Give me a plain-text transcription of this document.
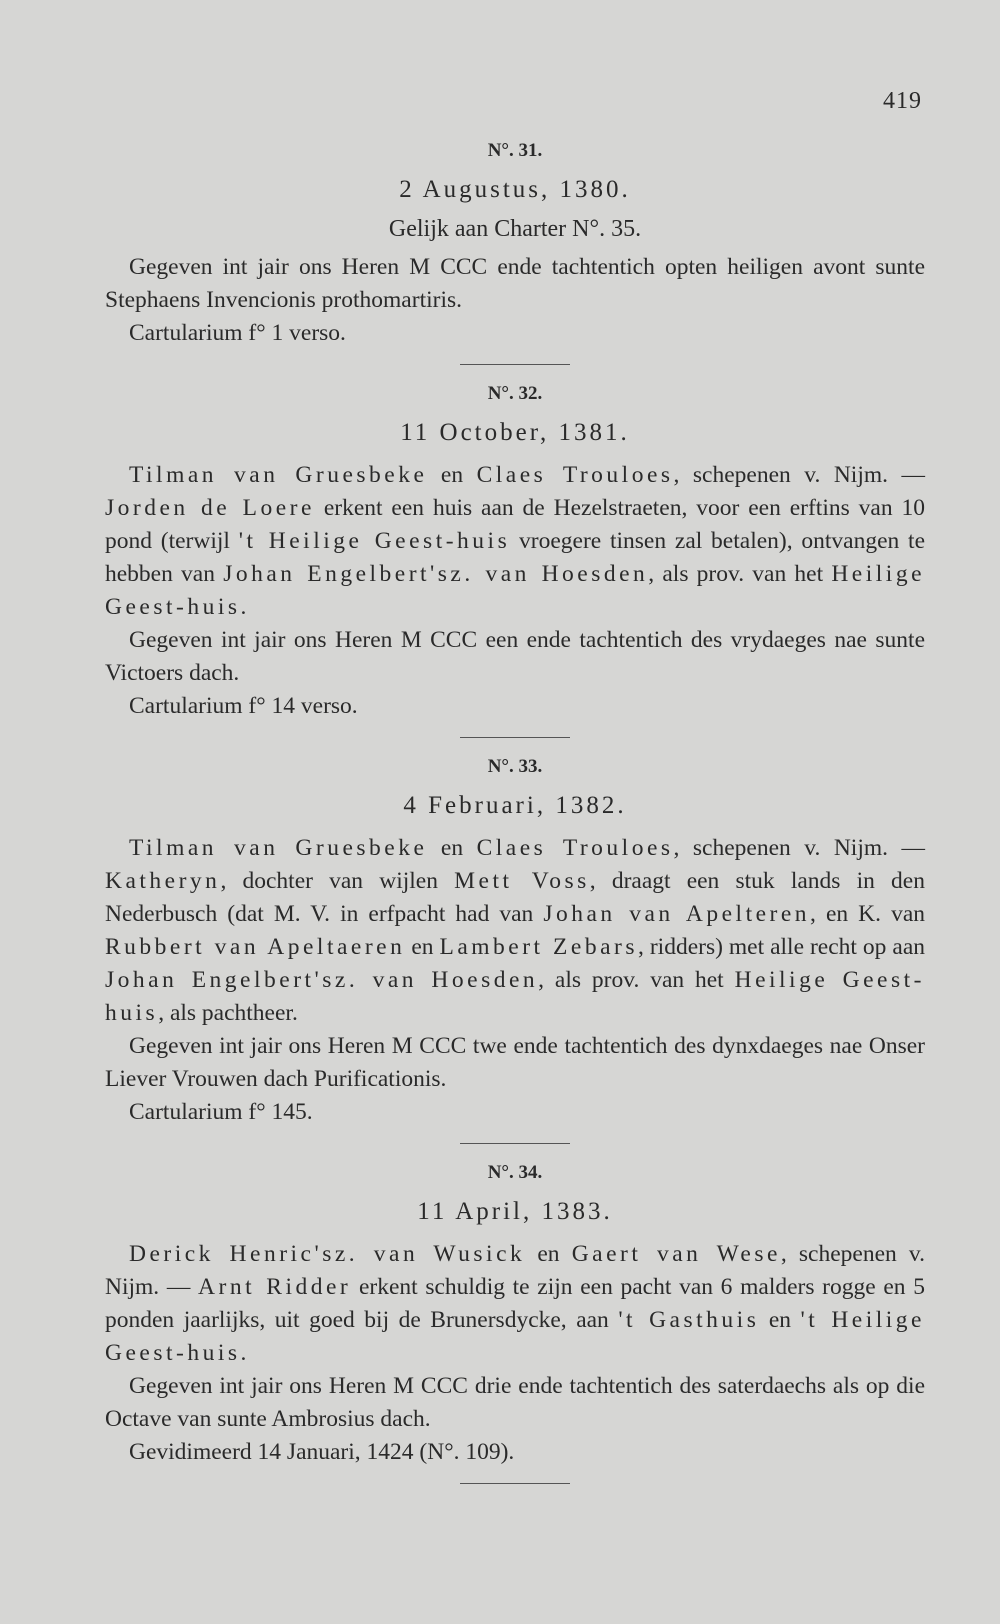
419

N°. 31.

2 Augustus, 1380.

Gelijk aan Charter N°. 35.

Gegeven int jair ons Heren M CCC ende tachtentich opten heiligen avont sunte Stephaens Invencionis prothomartiris.

Cartularium f° 1 verso.

N°. 32.

11 October, 1381.

Tilman van Gruesbeke en Claes Trouloes, schepenen v. Nijm. — Jorden de Loere erkent een huis aan de Hezelstraeten, voor een erftins van 10 pond (terwijl 't Heilige Geest-huis vroegere tinsen zal betalen), ontvangen te hebben van Johan Engelbert'sz. van Hoesden, als prov. van het Heilige Geest-huis.

Gegeven int jair ons Heren M CCC een ende tachtentich des vrydaeges nae sunte Victoers dach.

Cartularium f° 14 verso.

N°. 33.

4 Februari, 1382.

Tilman van Gruesbeke en Claes Trouloes, schepenen v. Nijm. — Katheryn, dochter van wijlen Mett Voss, draagt een stuk lands in den Nederbusch (dat M. V. in erfpacht had van Johan van Apelteren, en K. van Rubbert van Apeltaeren en Lambert Zebars, ridders) met alle recht op aan Johan Engelbert'sz. van Hoesden, als prov. van het Heilige Geest-huis, als pachtheer.

Gegeven int jair ons Heren M CCC twe ende tachtentich des dynxdaeges nae Onser Liever Vrouwen dach Purificationis.

Cartularium f° 145.

N°. 34.

11 April, 1383.

Derick Henric'sz. van Wusick en Gaert van Wese, schepenen v. Nijm. — Arnt Ridder erkent schuldig te zijn een pacht van 6 malders rogge en 5 ponden jaarlijks, uit goed bij de Brunersdycke, aan 't Gasthuis en 't Heilige Geest-huis.

Gegeven int jair ons Heren M CCC drie ende tachtentich des saterdaechs als op die Octave van sunte Ambrosius dach.

Gevidimeerd 14 Januari, 1424 (N°. 109).
